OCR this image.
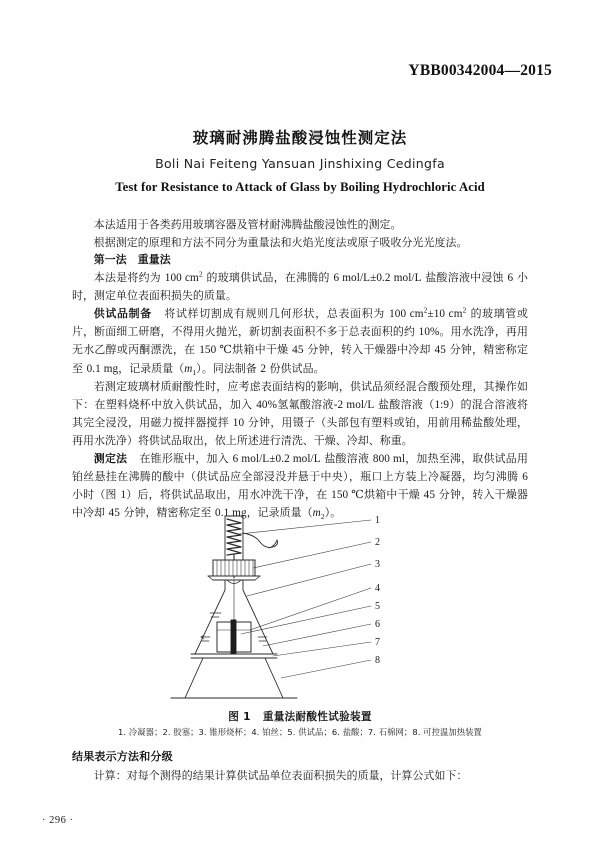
YBB00342004—2015
玻璃耐沸腾盐酸浸蚀性测定法
Boli Nai Feiteng Yansuan Jinshixing Cedingfa
Test for Resistance to Attack of Glass by Boiling Hydrochloric Acid

本法适用于各类药用玻璃容器及管材耐沸腾盐酸浸蚀性的测定。

根据测定的原理和方法不同分为重量法和火焰光度法或原子吸收分光光度法。

第一法　重量法

本法是将约为 100 $cm^2$ 的玻璃供试品，在沸腾的 6 mol/L±0.2 mol/L 盐酸溶液中浸蚀 6 小时，测定单位表面积损失的质量。

供试品制备 将试样切割成有规则几何形状，总表面积为 100 $cm^2\pm 10$ $cm^2$ 的玻璃管或片，断面细工研磨，不得用火抛光，新切割表面积不多于总表面积的约 10%。用水洗净，再用无水乙醇或丙酮漂洗，在 150 ℃烘箱中干燥 45 分钟，转入干燥器中冷却 45 分钟，精密称定至 0.1 mg，记录质量$(m_1)$。同法制备 2 份供试品。

若测定玻璃材质耐酸性时，应考虑表面结构的影响，供试品须经混合酸预处理，其操作如下：在塑料烧杯中放入供试品，加入 40%氢氟酸溶液-2 mol/L 盐酸溶液（1:9）的混合溶液将其完全浸没，用磁力搅拌器搅拌 10 分钟，用镊子（头部包有塑料或铂，用前用稀盐酸处理，再用水洗净）将供试品取出，依上所述进行清洗、干燥、冷却、称重。

测定法 在锥形瓶中，加入 6 mol/L±0.2 mol/L 盐酸溶液 800 ml，加热至沸，取供试品用铂丝悬挂在沸腾的酸中（供试品应全部浸没并悬于中央），瓶口上方装上冷凝器，均匀沸腾 6 小时（图 1）后，将供试品取出，用水冲洗干净，在 150 ℃烘箱中干燥 45 分钟，转入干燥器中冷却 45 分钟，精密称定至 0.1 mg，记录质量$(m_2)$。

1
2
3
4
5
6
7
8
图 1 重量法耐酸性试验装置
1. 冷凝器；2. 胶塞；3. 锥形烧杯；4. 铂丝；5. 供试品；6. 盐酸；7. 石棉网；8. 可控温加热装置

结果表示方法和分级

计算：对每个测得的结果计算供试品单位表面积损失的质量，计算公式如下：

· 296 ·
